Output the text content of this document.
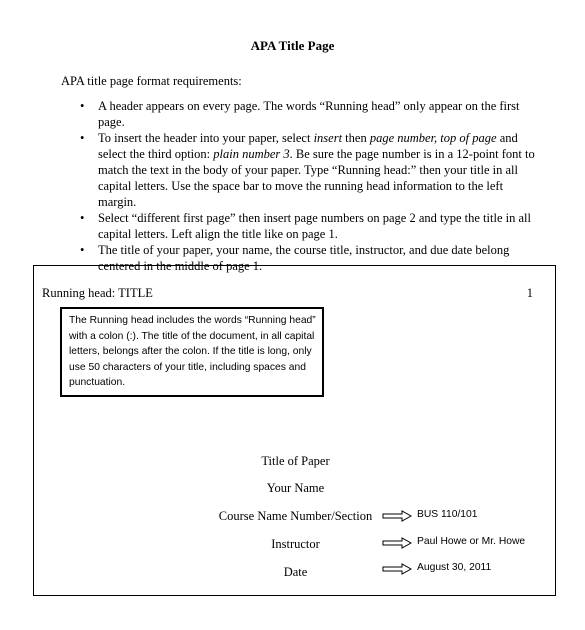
APA Title Page
APA title page format requirements:
• A header appears on every page. The words “Running head” only appear on the first
page.
• To insert the header into your paper, select insert then page number, top of page and
select the third option: plain number 3. Be sure the page number is in a 12-point font to
match the text in the body of your paper. Type “Running head:” then your title in all
capital letters. Use the space bar to move the running head information to the left margin.
• Select “different first page” then insert page numbers on page 2 and type the title in all
capital letters. Left align the title like on page 1.
• The title of your paper, your name, the course title, instructor, and due date belong
centered in the middle of page 1.
Running head: TITLE	1
The Running head includes the words “Running head”
with a colon (:). The title of the document, in all capital
letters, belongs after the colon. If the title is long, only
use 50 characters of your title, including spaces and
punctuation.
Title of Paper
Your Name
Course Name Number/Section
Instructor
Date
BUS 110/101
Paul Howe or Mr. Howe
August 30, 2011
